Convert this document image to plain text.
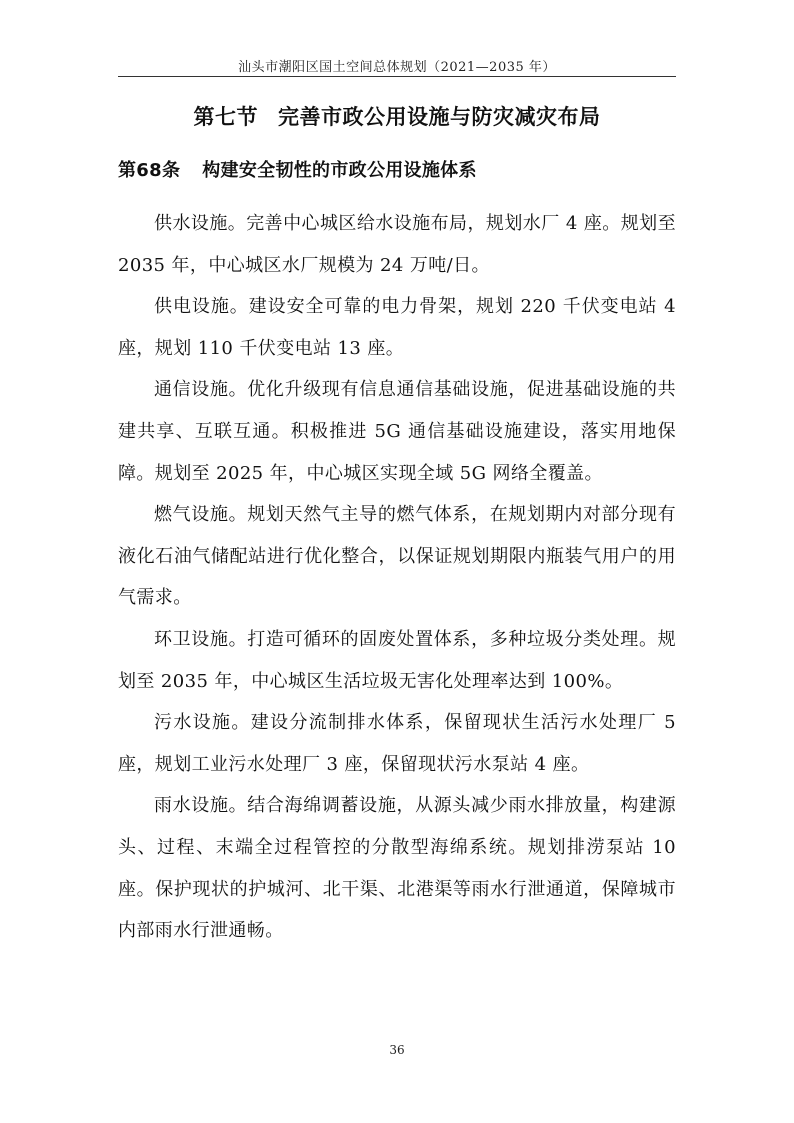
汕头市潮阳区国土空间总体规划（2021—2035 年）
第七节 完善市政公用设施与防灾减灾布局
第68条 构建安全韧性的市政公用设施体系

供水设施。完善中心城区给水设施布局，规划水厂 4 座。规划至 2035 年，中心城区水厂规模为 24 万吨/日。

供电设施。建设安全可靠的电力骨架，规划 220 千伏变电站 4 座，规划 110 千伏变电站 13 座。

通信设施。优化升级现有信息通信基础设施，促进基础设施的共建共享、互联互通。积极推进 5G 通信基础设施建设，落实用地保障。规划至 2025 年，中心城区实现全域 5G 网络全覆盖。

燃气设施。规划天然气主导的燃气体系，在规划期内对部分现有液化石油气储配站进行优化整合，以保证规划期限内瓶装气用户的用气需求。

环卫设施。打造可循环的固废处置体系，多种垃圾分类处理。规划至 2035 年，中心城区生活垃圾无害化处理率达到 100%。

污水设施。建设分流制排水体系，保留现状生活污水处理厂 5 座，规划工业污水处理厂 3 座，保留现状污水泵站 4 座。

雨水设施。结合海绵调蓄设施，从源头减少雨水排放量，构建源头、过程、末端全过程管控的分散型海绵系统。规划排涝泵站 10 座。保护现状的护城河、北干渠、北港渠等雨水行泄通道，保障城市内部雨水行泄通畅。

36
